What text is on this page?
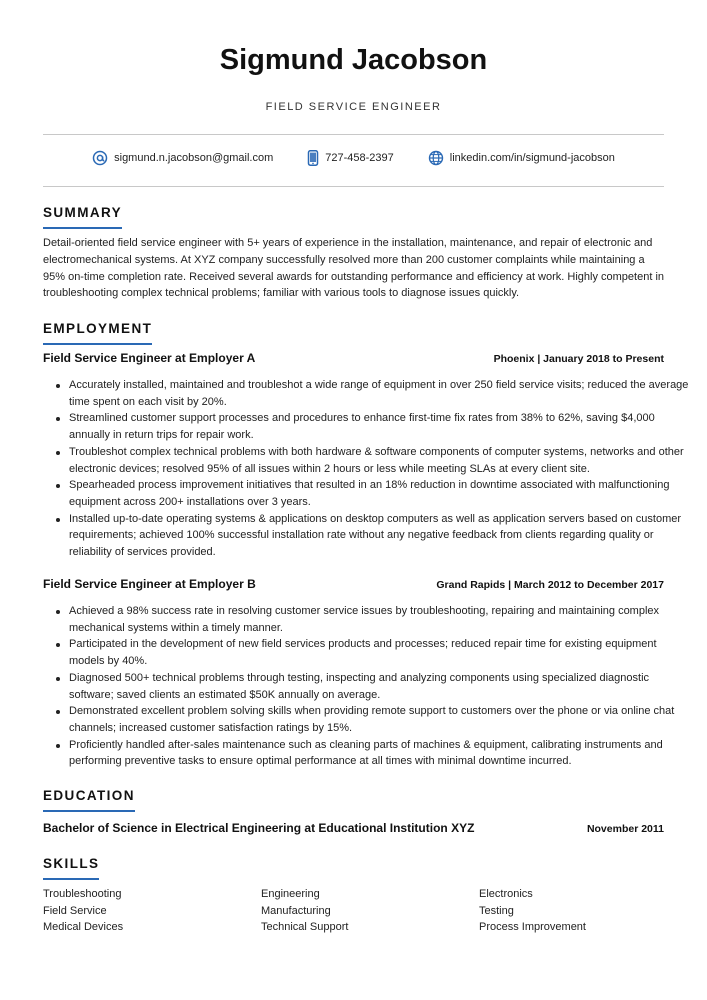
Sigmund Jacobson
FIELD SERVICE ENGINEER
sigmund.n.jacobson@gmail.com	727-458-2397	linkedin.com/in/sigmund-jacobson
SUMMARY
Detail-oriented field service engineer with 5+ years of experience in the installation, maintenance, and repair of electronic and electromechanical systems. At XYZ company successfully resolved more than 200 customer complaints while maintaining a 95% on-time completion rate. Received several awards for outstanding performance and efficiency at work. Highly competent in troubleshooting complex technical problems; familiar with various tools to diagnose issues quickly.
EMPLOYMENT
Field Service Engineer at Employer A	Phoenix | January 2018 to Present
Accurately installed, maintained and troubleshot a wide range of equipment in over 250 field service visits; reduced the average time spent on each visit by 20%.
Streamlined customer support processes and procedures to enhance first-time fix rates from 38% to 62%, saving $4,000 annually in return trips for repair work.
Troubleshot complex technical problems with both hardware & software components of computer systems, networks and other electronic devices; resolved 95% of all issues within 2 hours or less while meeting SLAs at every client site.
Spearheaded process improvement initiatives that resulted in an 18% reduction in downtime associated with malfunctioning equipment across 200+ installations over 3 years.
Installed up-to-date operating systems & applications on desktop computers as well as application servers based on customer requirements; achieved 100% successful installation rate without any negative feedback from clients regarding quality or reliability of services provided.
Field Service Engineer at Employer B	Grand Rapids | March 2012 to December 2017
Achieved a 98% success rate in resolving customer service issues by troubleshooting, repairing and maintaining complex mechanical systems within a timely manner.
Participated in the development of new field services products and processes; reduced repair time for existing equipment models by 40%.
Diagnosed 500+ technical problems through testing, inspecting and analyzing components using specialized diagnostic software; saved clients an estimated $50K annually on average.
Demonstrated excellent problem solving skills when providing remote support to customers over the phone or via online chat channels; increased customer satisfaction ratings by 15%.
Proficiently handled after-sales maintenance such as cleaning parts of machines & equipment, calibrating instruments and performing preventive tasks to ensure optimal performance at all times with minimal downtime incurred.
EDUCATION
Bachelor of Science in Electrical Engineering at Educational Institution XYZ	November 2011
SKILLS
Troubleshooting	Engineering	Electronics
Field Service	Manufacturing	Testing
Medical Devices	Technical Support	Process Improvement
